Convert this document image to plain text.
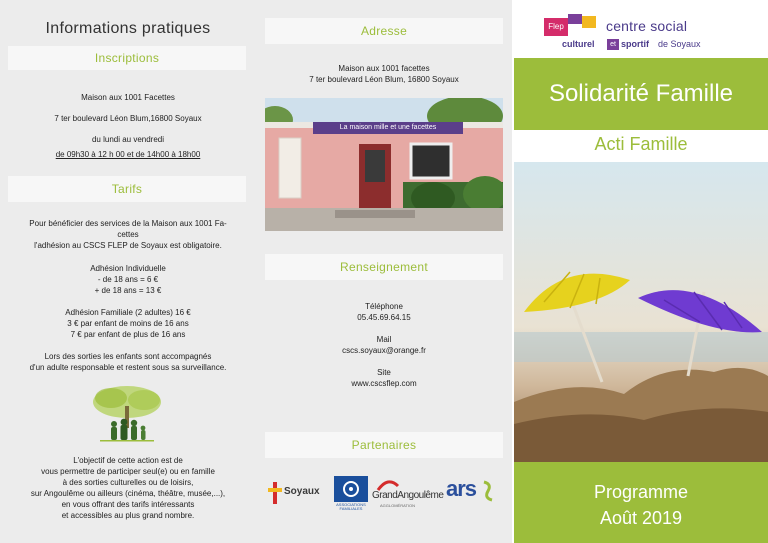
Informations pratiques
Inscriptions
Maison aux 1001 Facettes
7 ter boulevard Léon Blum,16800 Soyaux
du lundi au vendredi
de 09h30 à 12 h 00 et de 14h00 à 18h00
Tarifs
Pour bénéficier des services de la Maison aux 1001 Fa-
cettes
l'adhésion au CSCS FLEP de Soyaux est obligatoire.
Adhésion Individuelle
- de 18 ans = 6 €
+ de 18 ans = 13 €
Adhésion Familiale (2 adultes) 16 €
3 € par enfant de moins de 16 ans
7 € par enfant de plus de 16 ans
Lors des sorties les enfants sont accompagnés
d'un adulte responsable et restent sous sa surveillance.
L'objectif de cette action est de
vous permettre de participer seul(e) ou en famille
à des sorties culturelles ou de loisirs,
sur Angoulême ou ailleurs (cinéma, théâtre, musée,...),
en vous offrant des tarifs intéressants
et accessibles au plus grand nombre.
Adresse
Maison aux 1001 facettes
7 ter boulevard Léon Blum, 16800 Soyaux
Renseignement
Téléphone
05.45.69.64.15
Mail
cscs.soyaux@orange.fr
Site
www.cscsflep.com
Partenaires
La maison mille et une facettes
Soyaux
ASSOCIATIONS
FAMILIALES
GrandAngoulême
AGGLOMÉRATION
ars
Flep	centre social
culturel	et sportif de Soyaux
Solidarité Famille
Acti Famille
Programme
Août 2019
